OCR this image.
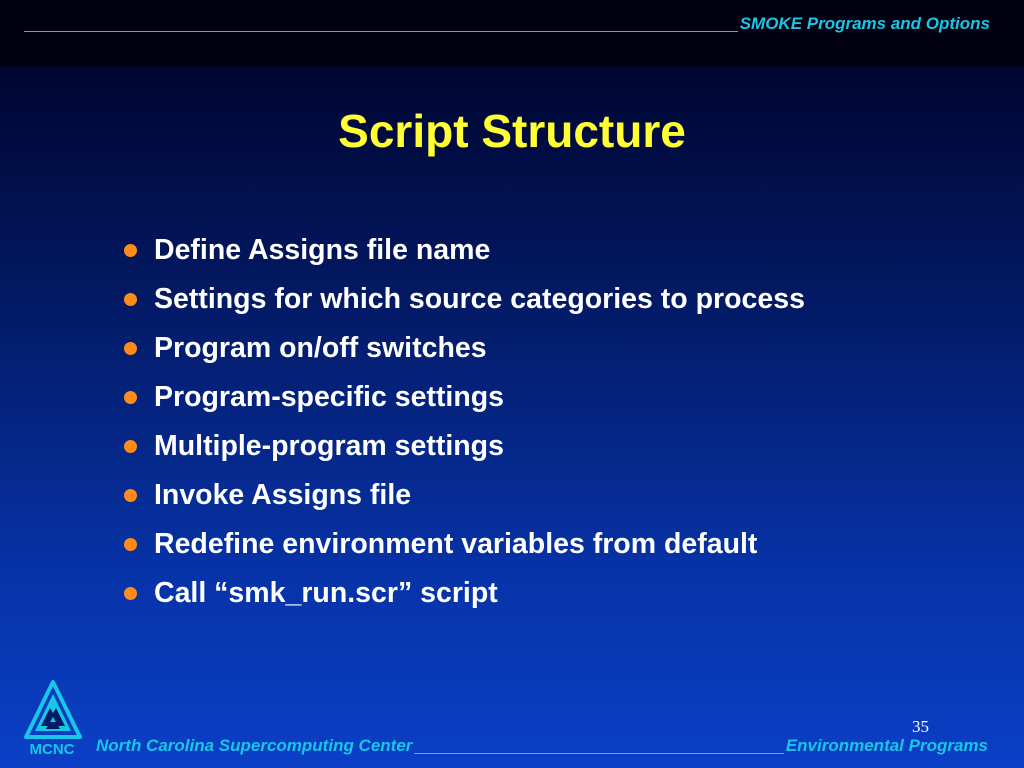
SMOKE Programs and Options
Script Structure
Define Assigns file name
Settings for which source categories to process
Program on/off switches
Program-specific settings
Multiple-program settings
Invoke Assigns file
Redefine environment variables from default
Call “smk_run.scr” script
35
MCNC	North Carolina Supercomputing Center	Environmental Programs
